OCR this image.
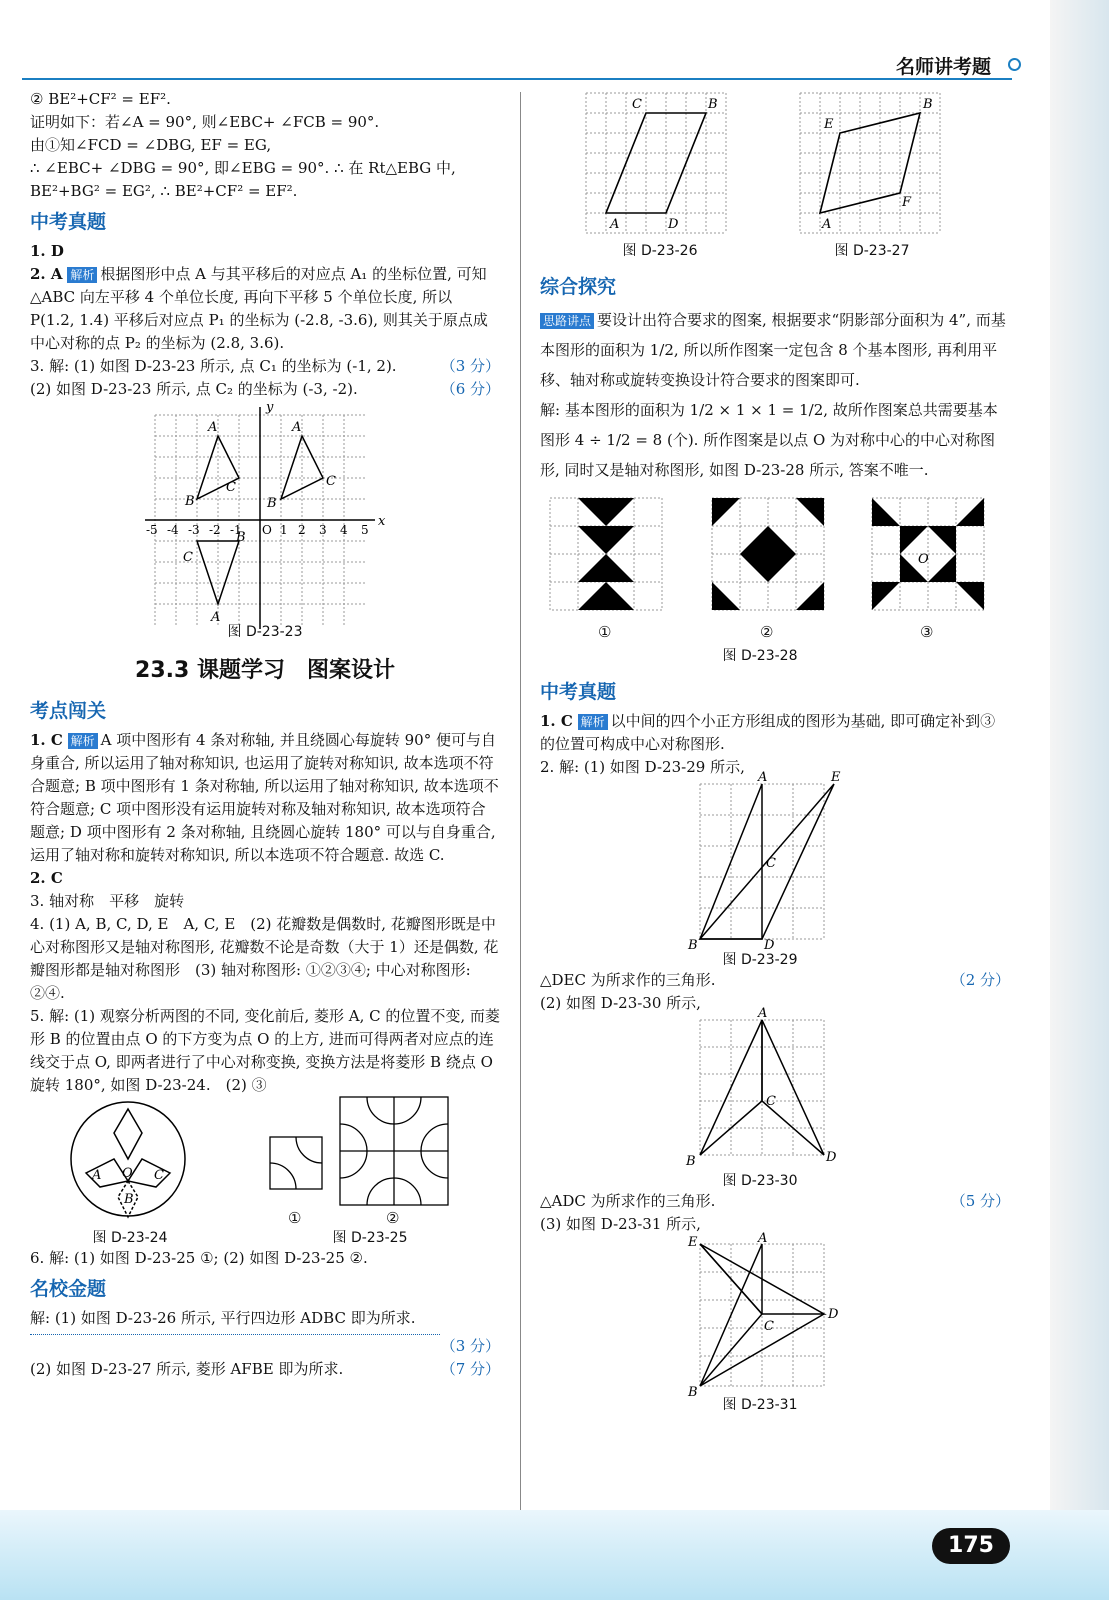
名师讲考题

② BE²+CF² = EF².

证明如下：若∠A = 90°, 则∠EBC+ ∠FCB = 90°.

由①知∠FCD = ∠DBG, EF = EG,

∴ ∠EBC+ ∠DBG = 90°, 即∠EBG = 90°. ∴ 在 Rt△EBG 中,

BE²+BG² = EG², ∴ BE²+CF² = EF².

中考真题

1. D

2. A 解析 根据图形中点 A 与其平移后的对应点 A₁ 的坐标位置, 可知△ABC 向左平移 4 个单位长度, 再向下平移 5 个单位长度, 所以 P(1.2, 1.4) 平移后对应点 P₁ 的坐标为 (-2.8, -3.6), 则其关于原点成中心对称的点 P₂ 的坐标为 (2.8, 3.6).

3. 解: (1) 如图 D-23-23 所示, 点 C₁ 的坐标为 (-1, 2).	（3 分）

(2) 如图 D-23-23 所示, 点 C₂ 的坐标为 (-3, -2).	（6 分）

A
B
C
A
B
C
A
C
B
x
y
-5 -4 -3 -2 -1 O 1 2 3 4 5
图 D-23-23
23.3 课题学习　图案设计
考点闯关

1. C 解析 A 项中图形有 4 条对称轴, 并且绕圆心每旋转 90° 便可与自身重合, 所以运用了轴对称知识, 也运用了旋转对称知识, 故本选项不符合题意; B 项中图形有 1 条对称轴, 所以运用了轴对称知识, 故本选项不符合题意; C 项中图形没有运用旋转对称及轴对称知识, 故本选项符合题意; D 项中图形有 2 条对称轴, 且绕圆心旋转 180° 可以与自身重合, 运用了轴对称和旋转对称知识, 所以本选项不符合题意. 故选 C.

2. C

3. 轴对称　平移　旋转

4. (1) A, B, C, D, E　A, C, E　(2) 花瓣数是偶数时, 花瓣图形既是中心对称图形又是轴对称图形, 花瓣数不论是奇数（大于 1）还是偶数, 花瓣图形都是轴对称图形　(3) 轴对称图形: ①②③④; 中心对称图形: ②④.

5. 解: (1) 观察分析两图的不同, 变化前后, 菱形 A, C 的位置不变, 而菱形 B 的位置由点 O 的下方变为点 O 的上方, 进而可得两者对应点的连线交于点 O, 即两者进行了中心对称变换, 变换方法是将菱形 B 绕点 O 旋转 180°, 如图 D-23-24.　(2) ③

A O C
B
①	②
图 D-23-24	图 D-23-25

6. 解: (1) 如图 D-23-25 ①; (2) 如图 D-23-25 ②.

名校金题

解: (1) 如图 D-23-26 所示, 平行四边形 ADBC 即为所求.

（3 分）

(2) 如图 D-23-27 所示, 菱形 AFBE 即为所求.	（7 分）

A	D
B
C
A
F
B
E
图 D-23-26	图 D-23-27
综合探究

思路讲点 要设计出符合要求的图案, 根据要求“阴影部分面积为 4”, 而基本图形的面积为 1/2, 所以所作图案一定包含 8 个基本图形, 再利用平移、轴对称或旋转变换设计符合要求的图案即可.

解: 基本图形的面积为 1/2 × 1 × 1 = 1/2, 故所作图案总共需要基本图形 4 ÷ 1/2 = 8 (个). 所作图案是以点 O 为对称中心的中心对称图形, 同时又是轴对称图形, 如图 D-23-28 所示, 答案不唯一.

O
①	②	③
图 D-23-28
中考真题

1. C 解析 以中间的四个小正方形组成的图形为基础, 即可确定补到③的位置可构成中心对称图形.

2. 解: (1) 如图 D-23-29 所示,

B	D
A	E
C
图 D-23-29

△DEC 为所求作的三角形.	（2 分）

(2) 如图 D-23-30 所示,

B	D
A
C
图 D-23-30

△ADC 为所求作的三角形.	（5 分）

(3) 如图 D-23-31 所示,

B
D
A
E
C
图 D-23-31
175
